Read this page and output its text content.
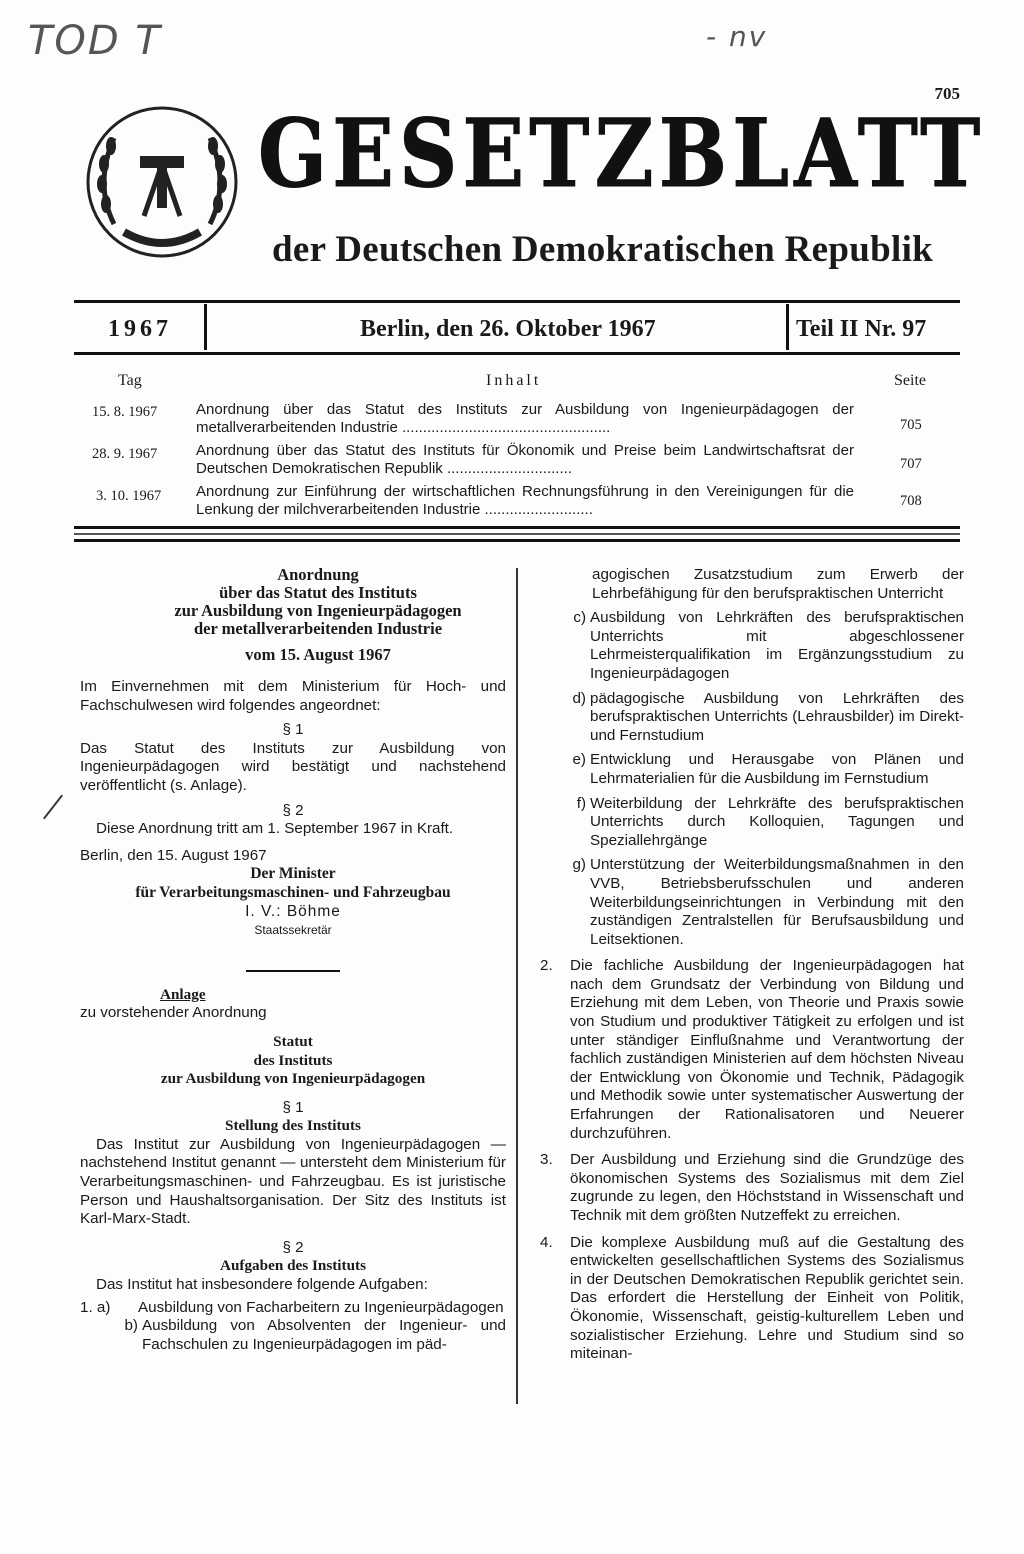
TOD T	- nv
705
GESETZBLATT
der Deutschen Demokratischen Republik
1967	Berlin, den 26. Oktober 1967	Teil II Nr. 97
Tag	Inhalt	Seite
15. 8. 1967	Anordnung über das Statut des Instituts zur Ausbildung von Ingenieurpädagogen der metallverarbeitenden Industrie ..................................................	705
28. 9. 1967	Anordnung über das Statut des Instituts für Ökonomik und Preise beim Landwirtschaftsrat der Deutschen Demokratischen Republik ..............................	707
3. 10. 1967 Anordnung zur Einführung der wirtschaftlichen Rechnungsführung in den Vereinigungen für die Lenkung der milchverarbeitenden Industrie ..........................	708

Anordnung

über das Statut des Instituts

zur Ausbildung von Ingenieurpädagogen

der metallverarbeitenden Industrie

vom 15. August 1967

Im Einvernehmen mit dem Ministerium für Hoch- und Fachschulwesen wird folgendes angeordnet:

§ 1

Das Statut des Instituts zur Ausbildung von Ingenieurpädagogen wird bestätigt und nachstehend veröffentlicht (s. Anlage).

§ 2

Diese Anordnung tritt am 1. September 1967 in Kraft.

Berlin, den 15. August 1967

Der Minister

für Verarbeitungsmaschinen- und Fahrzeugbau

I. V.: Böhme

Staatssekretär

Anlage

zu vorstehender Anordnung

Statut

des Instituts

zur Ausbildung von Ingenieurpädagogen

§ 1

Stellung des Instituts

Das Institut zur Ausbildung von Ingenieurpädagogen — nachstehend Institut genannt — untersteht dem Ministerium für Verarbeitungsmaschinen- und Fahrzeugbau. Es ist juristische Person und Haushaltsorganisation. Der Sitz des Instituts ist Karl-Marx-Stadt.

§ 2

Aufgaben des Instituts

Das Institut hat insbesondere folgende Aufgaben:

1. a)	Ausbildung von Facharbeitern zu Ingenieurpädagogen
b) Ausbildung von Absolventen der Ingenieur- und Fachschulen zu Ingenieurpädagogen im päd-

agogischen Zusatzstudium zum Erwerb der Lehrbefähigung für den berufspraktischen Unterricht

c) Ausbildung von Lehrkräften des berufspraktischen Unterrichts mit abgeschlossener Lehrmeisterqualifikation im Ergänzungsstudium zu Ingenieurpädagogen
d) pädagogische Ausbildung von Lehrkräften des berufspraktischen Unterrichts (Lehrausbilder) im Direkt- und Fernstudium
e) Entwicklung und Herausgabe von Plänen und Lehrmaterialien für die Ausbildung im Fernstudium
f) Weiterbildung der Lehrkräfte des berufspraktischen Unterrichts durch Kolloquien, Tagungen und Speziallehrgänge
g) Unterstützung der Weiterbildungsmaßnahmen in den VVB, Betriebsberufsschulen und anderen Weiterbildungseinrichtungen in Verbindung mit den zuständigen Zentralstellen für Berufsausbildung und Leitsektionen.
2.	Die fachliche Ausbildung der Ingenieurpädagogen hat nach dem Grundsatz der Verbindung von Bildung und Erziehung mit dem Leben, von Theorie und Praxis sowie von Studium und produktiver Tätigkeit zu erfolgen und ist unter ständiger Einflußnahme und Verantwortung der fachlich zuständigen Ministerien auf dem höchsten Niveau der Entwicklung von Ökonomie und Technik, Pädagogik und Methodik sowie unter systematischer Auswertung der Erfahrungen der Rationalisatoren und Neuerer durchzuführen.
3.	Der Ausbildung und Erziehung sind die Grundzüge des ökonomischen Systems des Sozialismus mit dem Ziel zugrunde zu legen, den Höchststand in Wissenschaft und Technik mit dem größten Nutzeffekt zu erreichen.
4.	Die komplexe Ausbildung muß auf die Gestaltung des entwickelten gesellschaftlichen Systems des Sozialismus in der Deutschen Demokratischen Republik gerichtet sein. Das erfordert die Herstellung der Einheit von Politik, Ökonomie, Wissenschaft, geistig-kulturellem Leben und sozialistischer Erziehung. Lehre und Studium sind so miteinan-
